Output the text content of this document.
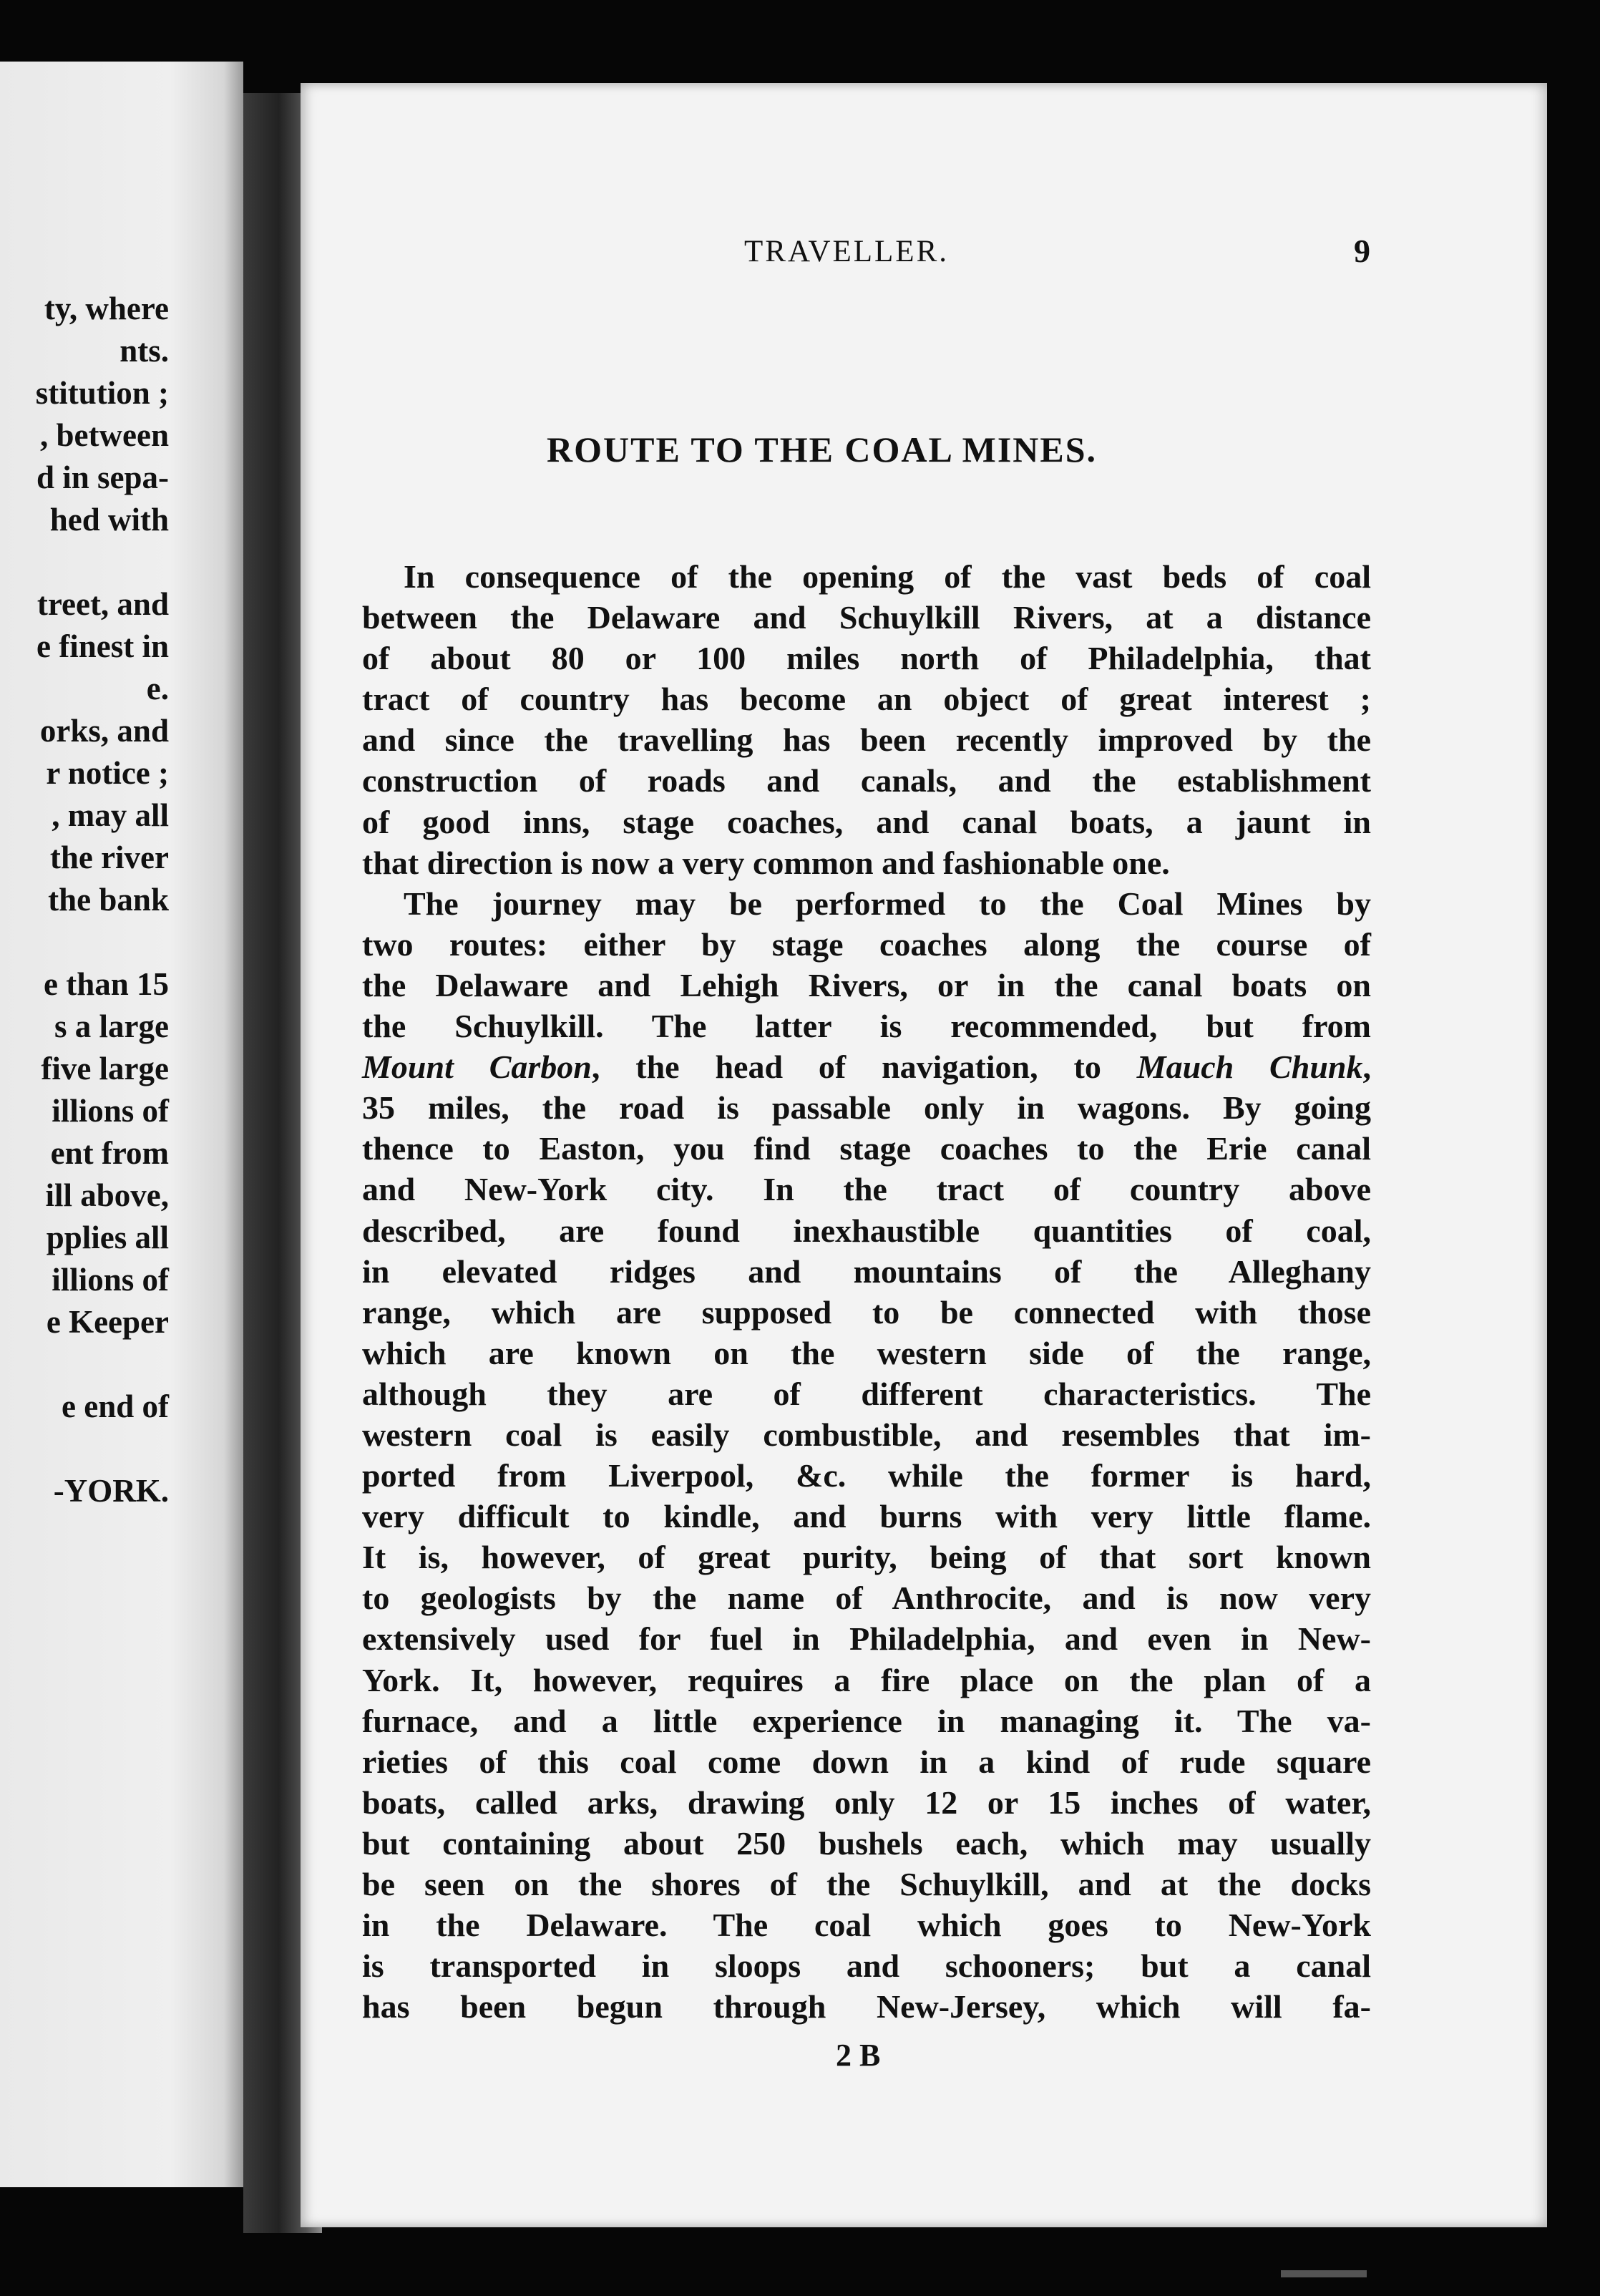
ty, where
nts.
stitution ;
, between
d in sepa-
hed with
treet, and
e finest in
e.
orks, and
r notice ;
, may all
the river
the bank
e than 15
s a large
five large
illions of
ent from
ill above,
pplies all
illions of
e Keeper
e end of
-YORK.
TRAVELLER.	9
ROUTE TO THE COAL MINES.
In consequence of the opening of the vast beds of coal
between the Delaware and Schuylkill Rivers, at a distance
of about 80 or 100 miles north of Philadelphia, that
tract of country has become an object of great interest ;
and since the travelling has been recently improved by the
construction of roads and canals, and the establishment
of good inns, stage coaches, and canal boats, a jaunt in
that direction is now a very common and fashionable one.
The journey may be performed to the Coal Mines by
two routes: either by stage coaches along the course of
the Delaware and Lehigh Rivers, or in the canal boats on
the Schuylkill. The latter is recommended, but from
Mount Carbon, the head of navigation, to Mauch Chunk,
35 miles, the road is passable only in wagons. By going
thence to Easton, you find stage coaches to the Erie canal
and New-York city. In the tract of country above
described, are found inexhaustible quantities of coal,
in elevated ridges and mountains of the Alleghany
range, which are supposed to be connected with those
which are known on the western side of the range,
although they are of different characteristics. The
western coal is easily combustible, and resembles that im-
ported from Liverpool, &c. while the former is hard,
very difficult to kindle, and burns with very little flame.
It is, however, of great purity, being of that sort known
to geologists by the name of Anthrocite, and is now very
extensively used for fuel in Philadelphia, and even in New-
York. It, however, requires a fire place on the plan of a
furnace, and a little experience in managing it. The va-
rieties of this coal come down in a kind of rude square
boats, called arks, drawing only 12 or 15 inches of water,
but containing about 250 bushels each, which may usually
be seen on the shores of the Schuylkill, and at the docks
in the Delaware. The coal which goes to New-York
is transported in sloops and schooners; but a canal
has been begun through New-Jersey, which will fa-
2 B
